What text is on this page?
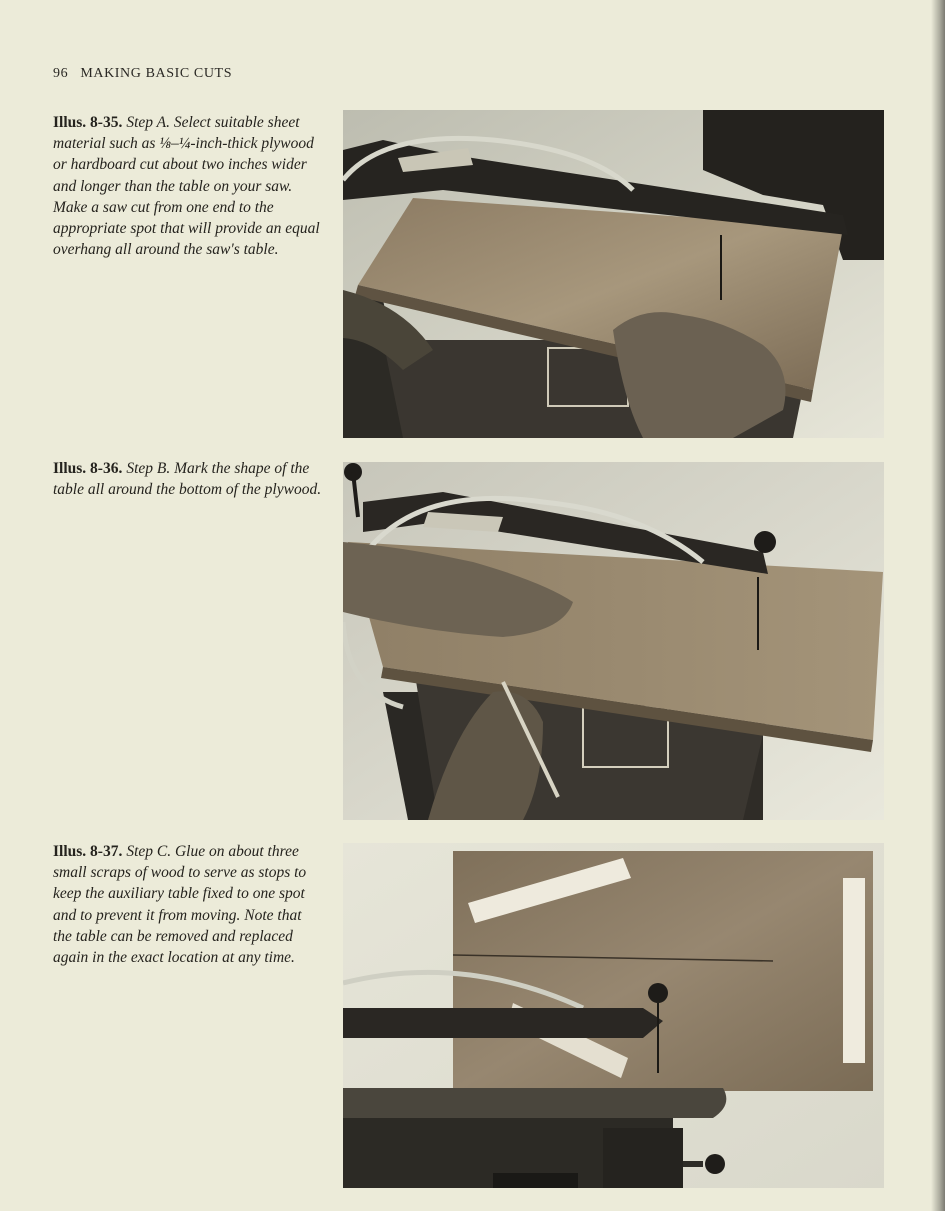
96 MAKING BASIC CUTS
Illus. 8-35. Step A. Select suitable sheet material such as ⅛–¼-inch-thick plywood or hardboard cut about two inches wider and longer than the table on your saw. Make a saw cut from one end to the appropriate spot that will provide an equal overhang all around the saw's table.
Illus. 8-36. Step B. Mark the shape of the table all around the bottom of the plywood.
Illus. 8-37. Step C. Glue on about three small scraps of wood to serve as stops to keep the auxiliary table fixed to one spot and to prevent it from moving. Note that the table can be removed and replaced again in the exact location at any time.
